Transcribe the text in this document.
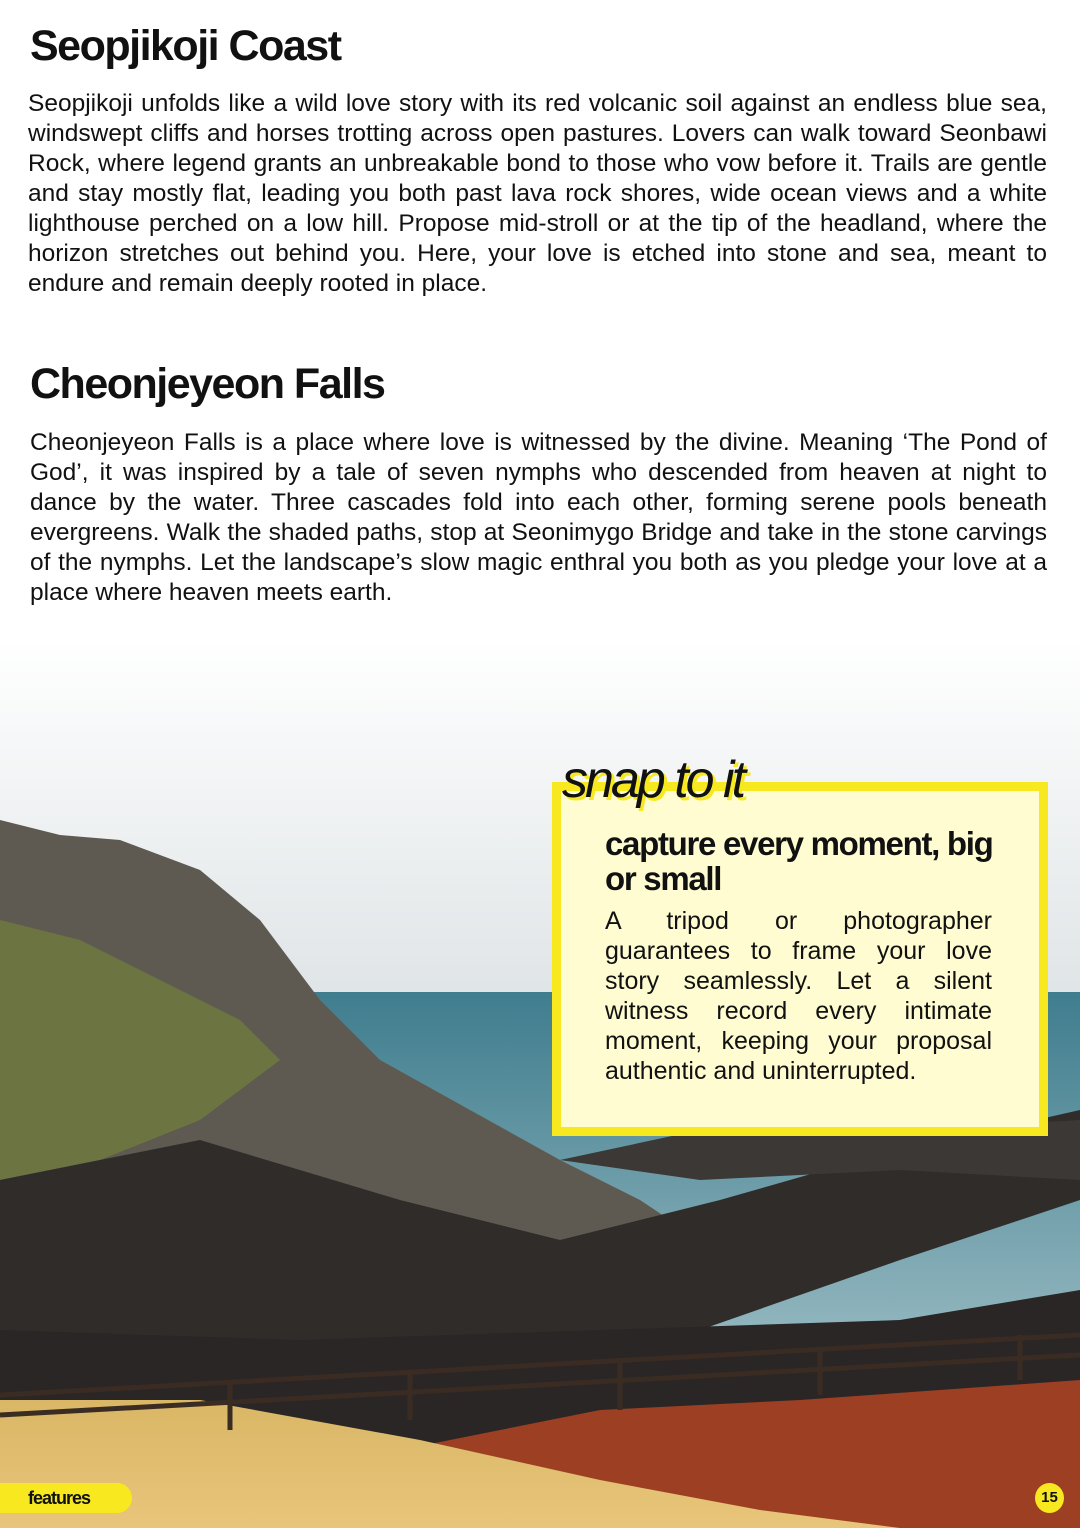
Seopjikoji Coast

Seopjikoji unfolds like a wild love story with its red volcanic soil against an endless blue sea, windswept cliffs and horses trotting across open pastures. Lovers can walk toward Seonbawi Rock, where legend grants an unbreakable bond to those who vow before it. Trails are gentle and stay mostly flat, leading you both past lava rock shores, wide ocean views and a white lighthouse perched on a low hill. Propose mid-stroll or at the tip of the headland, where the horizon stretches out behind you. Here, your love is etched into stone and sea, meant to endure and remain deeply rooted in place.

Cheonjeyeon Falls

Cheonjeyeon Falls is a place where love is witnessed by the divine. Meaning ‘The Pond of God’, it was inspired by a tale of seven nymphs who descended from heaven at night to dance by the water. Three cascades fold into each other, forming serene pools beneath evergreens. Walk the shaded paths, stop at Seonimygo Bridge and take in the stone carvings of the nymphs. Let the landscape’s slow magic enthral you both as you pledge your love at a place where heaven meets earth.

snap to it
capture every moment, big or small

A tripod or photographer guarantees to frame your love story seamlessly. Let a silent witness record every intimate moment, keeping your proposal authentic and uninterrupted.

features	15
